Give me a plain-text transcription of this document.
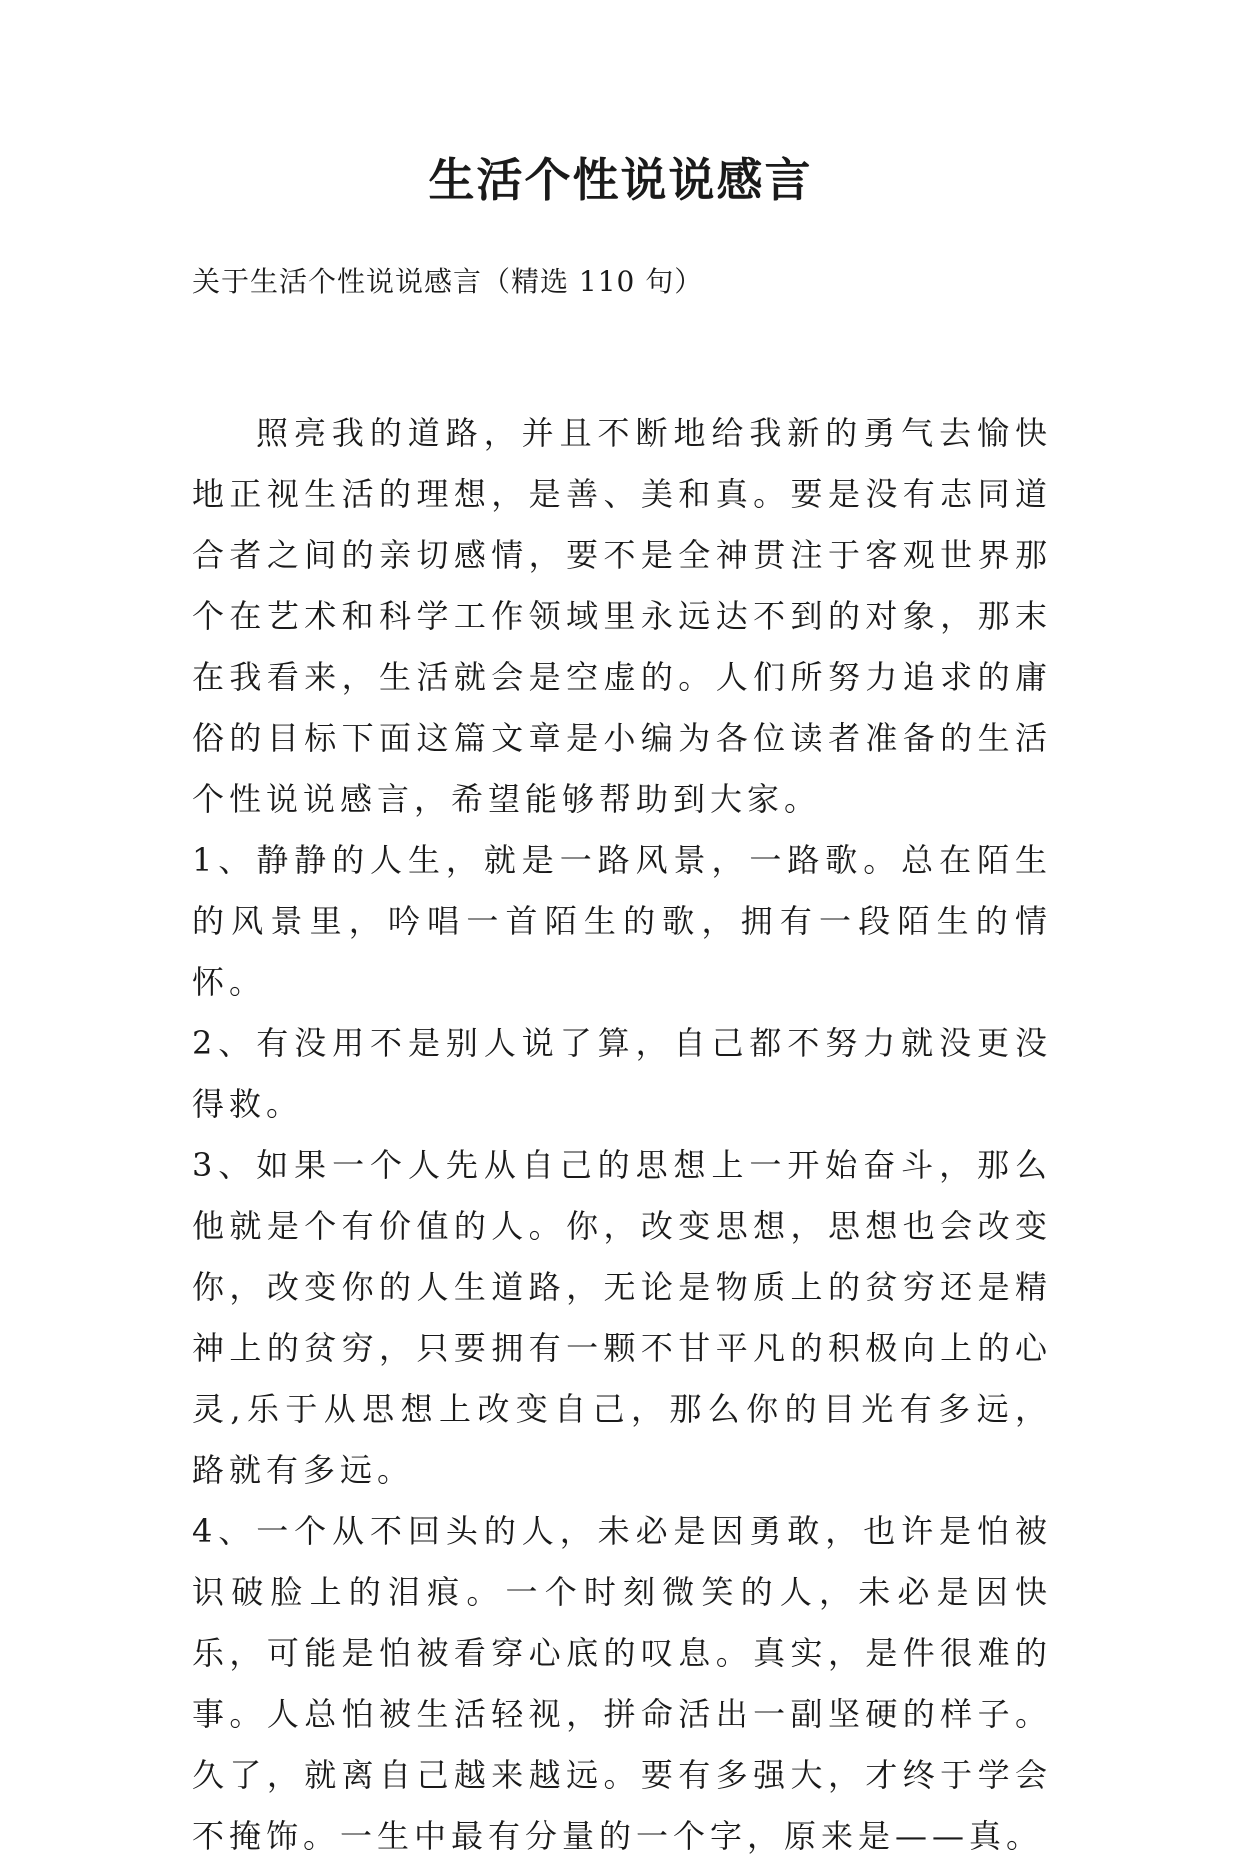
生活个性说说感言

关于生活个性说说感言（精选 110 句）

照亮我的道路，并且不断地给我新的勇气去愉快地正视生活的理想，是善、美和真。要是没有志同道合者之间的亲切感情，要不是全神贯注于客观世界那个在艺术和科学工作领域里永远达不到的对象，那末在我看来，生活就会是空虚的。人们所努力追求的庸俗的目标下面这篇文章是小编为各位读者准备的生活个性说说感言，希望能够帮助到大家。

1、静静的人生，就是一路风景，一路歌。总在陌生的风景里，吟唱一首陌生的歌，拥有一段陌生的情怀。

2、有没用不是别人说了算，自己都不努力就没更没得救。

3、如果一个人先从自己的思想上一开始奋斗，那么他就是个有价值的人。你，改变思想，思想也会改变你，改变你的人生道路，无论是物质上的贫穷还是精神上的贫穷，只要拥有一颗不甘平凡的积极向上的心灵,乐于从思想上改变自己，那么你的目光有多远，路就有多远。

4、一个从不回头的人，未必是因勇敢，也许是怕被识破脸上的泪痕。一个时刻微笑的人，未必是因快乐，可能是怕被看穿心底的叹息。真实，是件很难的事。人总怕被生活轻视，拼命活出一副坚硬的样子。久了，就离自己越来越远。要有多强大，才终于学会不掩饰。一生中最有分量的一个字，原来是——真。
